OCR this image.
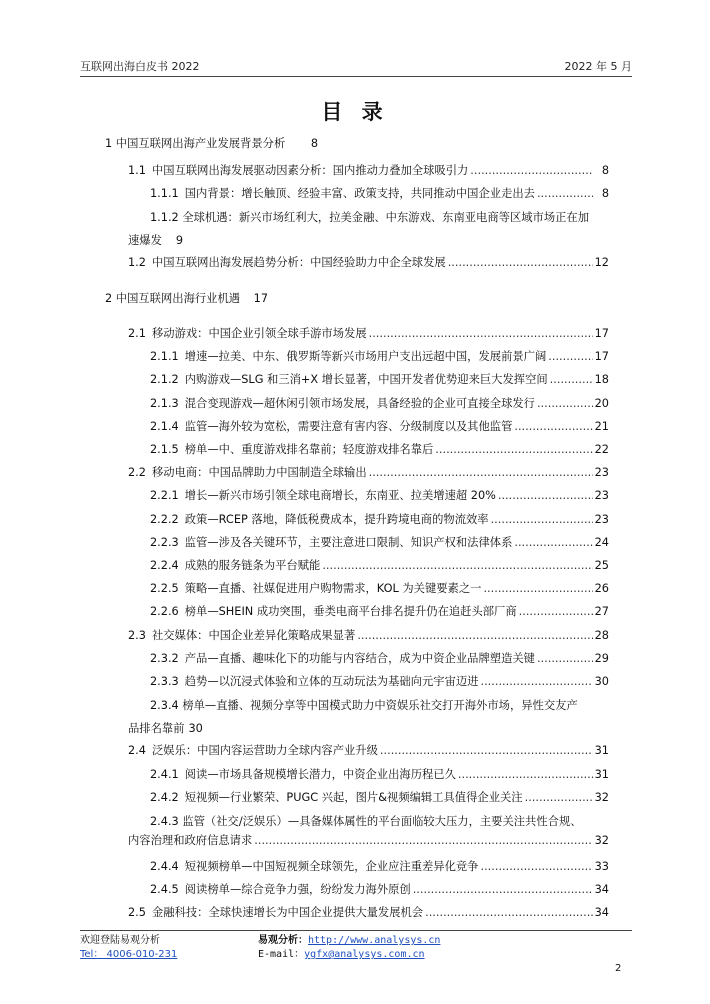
互联网出海白皮书 2022	2022 年 5 月
目 录
1 中国互联网出海产业发展背景分析 8
1.1 中国互联网出海发展驱动因素分析：国内推动力叠加全球吸引力 .....	8
1.1.1 国内背景：增长触顶、经验丰富、政策支持，共同推动中国企业走出去 .....	8
1.1.2 全球机遇：新兴市场红利大，拉美金融、中东游戏、东南亚电商等区域市场正在加
速爆发 9
1.2 中国互联网出海发展趋势分析：中国经验助力中企全球发展 .....	12
2 中国互联网出海行业机遇 17
2.1 移动游戏：中国企业引领全球手游市场发展 .....	17
2.1.1 增速—拉美、中东、俄罗斯等新兴市场用户支出远超中国，发展前景广阔 .....	17
2.1.2 内购游戏—SLG 和三消+X 增长显著，中国开发者优势迎来巨大发挥空间 .....	18
2.1.3 混合变现游戏—超休闲引领市场发展，具备经验的企业可直接全球发行 .....	20
2.1.4 监管—海外较为宽松，需要注意有害内容、分级制度以及其他监管 .....	21
2.1.5 榜单—中、重度游戏排名靠前；轻度游戏排名靠后 .....	22
2.2 移动电商：中国品牌助力中国制造全球输出 .....	23
2.2.1 增长—新兴市场引领全球电商增长，东南亚、拉美增速超 20% .....	23
2.2.2 政策—RCEP 落地，降低税费成本，提升跨境电商的物流效率 .....	23
2.2.3 监管—涉及各关键环节，主要注意进口限制、知识产权和法律体系 .....	24
2.2.4 成熟的服务链条为平台赋能 .....	25
2.2.5 策略—直播、社媒促进用户购物需求，KOL 为关键要素之一 .....	26
2.2.6 榜单—SHEIN 成功突围，垂类电商平台排名提升仍在追赶头部厂商 .....	27
2.3 社交媒体：中国企业差异化策略成果显著 .....	28
2.3.2 产品—直播、趣味化下的功能与内容结合，成为中资企业品牌塑造关键 .....	29
2.3.3 趋势—以沉浸式体验和立体的互动玩法为基础向元宇宙迈进 .....	30
2.3.4 榜单—直播、视频分享等中国模式助力中资娱乐社交打开海外市场，异性交友产
品排名靠前 30
2.4 泛娱乐：中国内容运营助力全球内容产业升级 .....	31
2.4.1 阅读—市场具备规模增长潜力，中资企业出海历程已久 .....	31
2.4.2 短视频—行业繁荣、PUGC 兴起，图片&视频编辑工具值得企业关注 .....	32
2.4.3 监管（社交/泛娱乐）—具备媒体属性的平台面临较大压力，主要关注共性合规、
内容治理和政府信息请求 .....	32
2.4.4 短视频榜单—中国短视频全球领先，企业应注重差异化竞争 .....	33
2.4.5 阅读榜单—综合竞争力强，纷纷发力海外原创 .....	34
2.5 金融科技：全球快速增长为中国企业提供大量发展机会 .....	34
欢迎登陆易观分析
Tel： 4006-010-231
易观分析：http://www.analysys.cn
E-mail：ygfx@analysys.com.cn
2
